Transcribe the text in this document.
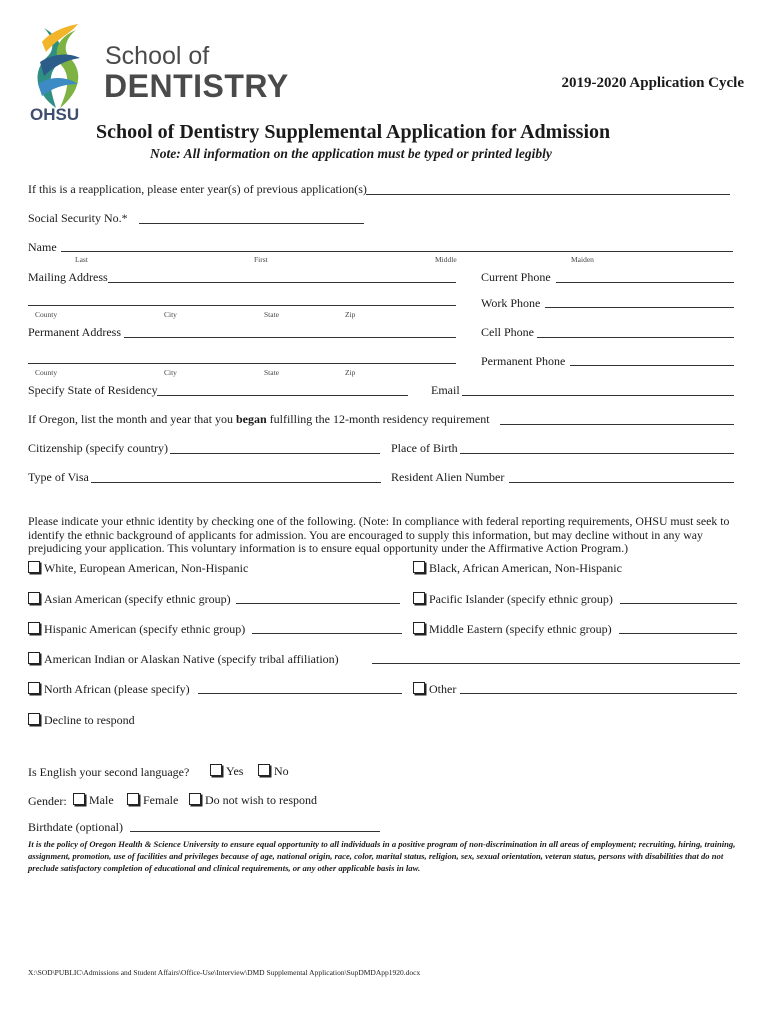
OHSU
School of
DENTISTRY	2019-2020 Application Cycle
School of Dentistry Supplemental Application for Admission
Note: All information on the application must be typed or printed legibly
If this is a reapplication, please enter year(s) of previous application(s)
Social Security No.*
Name
Last	First	Middle	Maiden
Mailing Address	Current Phone
Work Phone
County	City	State	Zip
Permanent Address	Cell Phone
Permanent Phone
County	City	State	Zip
Specify State of Residency	Email
If Oregon, list the month and year that you began fulfilling the 12-month residency requirement
Citizenship (specify country)	Place of Birth
Type of Visa	Resident Alien Number
Please indicate your ethnic identity by checking one of the following. (Note: In compliance with federal reporting requirements, OHSU must seek to identify the ethnic background of applicants for admission. You are encouraged to supply this information, but may decline without in any way prejudicing your application. This voluntary information is to ensure equal opportunity under the Affirmative Action Program.)
White, European American, Non-Hispanic	Black, African American, Non-Hispanic
Asian American (specify ethnic group)	Pacific Islander (specify ethnic group)
Hispanic American (specify ethnic group)	Middle Eastern (specify ethnic group)
American Indian or Alaskan Native (specify tribal affiliation)
North African (please specify)	Other
Decline to respond
Is English your second language?	Yes	No
Gender:	Male	Female	Do not wish to respond
Birthdate (optional)
It is the policy of Oregon Health & Science University to ensure equal opportunity to all individuals in a positive program of non-discrimination in all areas of employment; recruiting, hiring, training, assignment, promotion, use of facilities and privileges because of age, national origin, race, color, marital status, religion, sex, sexual orientation, veteran status, persons with disabilities that do not preclude satisfactory completion of educational and clinical requirements, or any other applicable basis in law.
X:\SOD\PUBLIC\Admissions and Student Affairs\Office-Use\Interview\DMD Supplemental Application\SupDMDApp1920.docx
